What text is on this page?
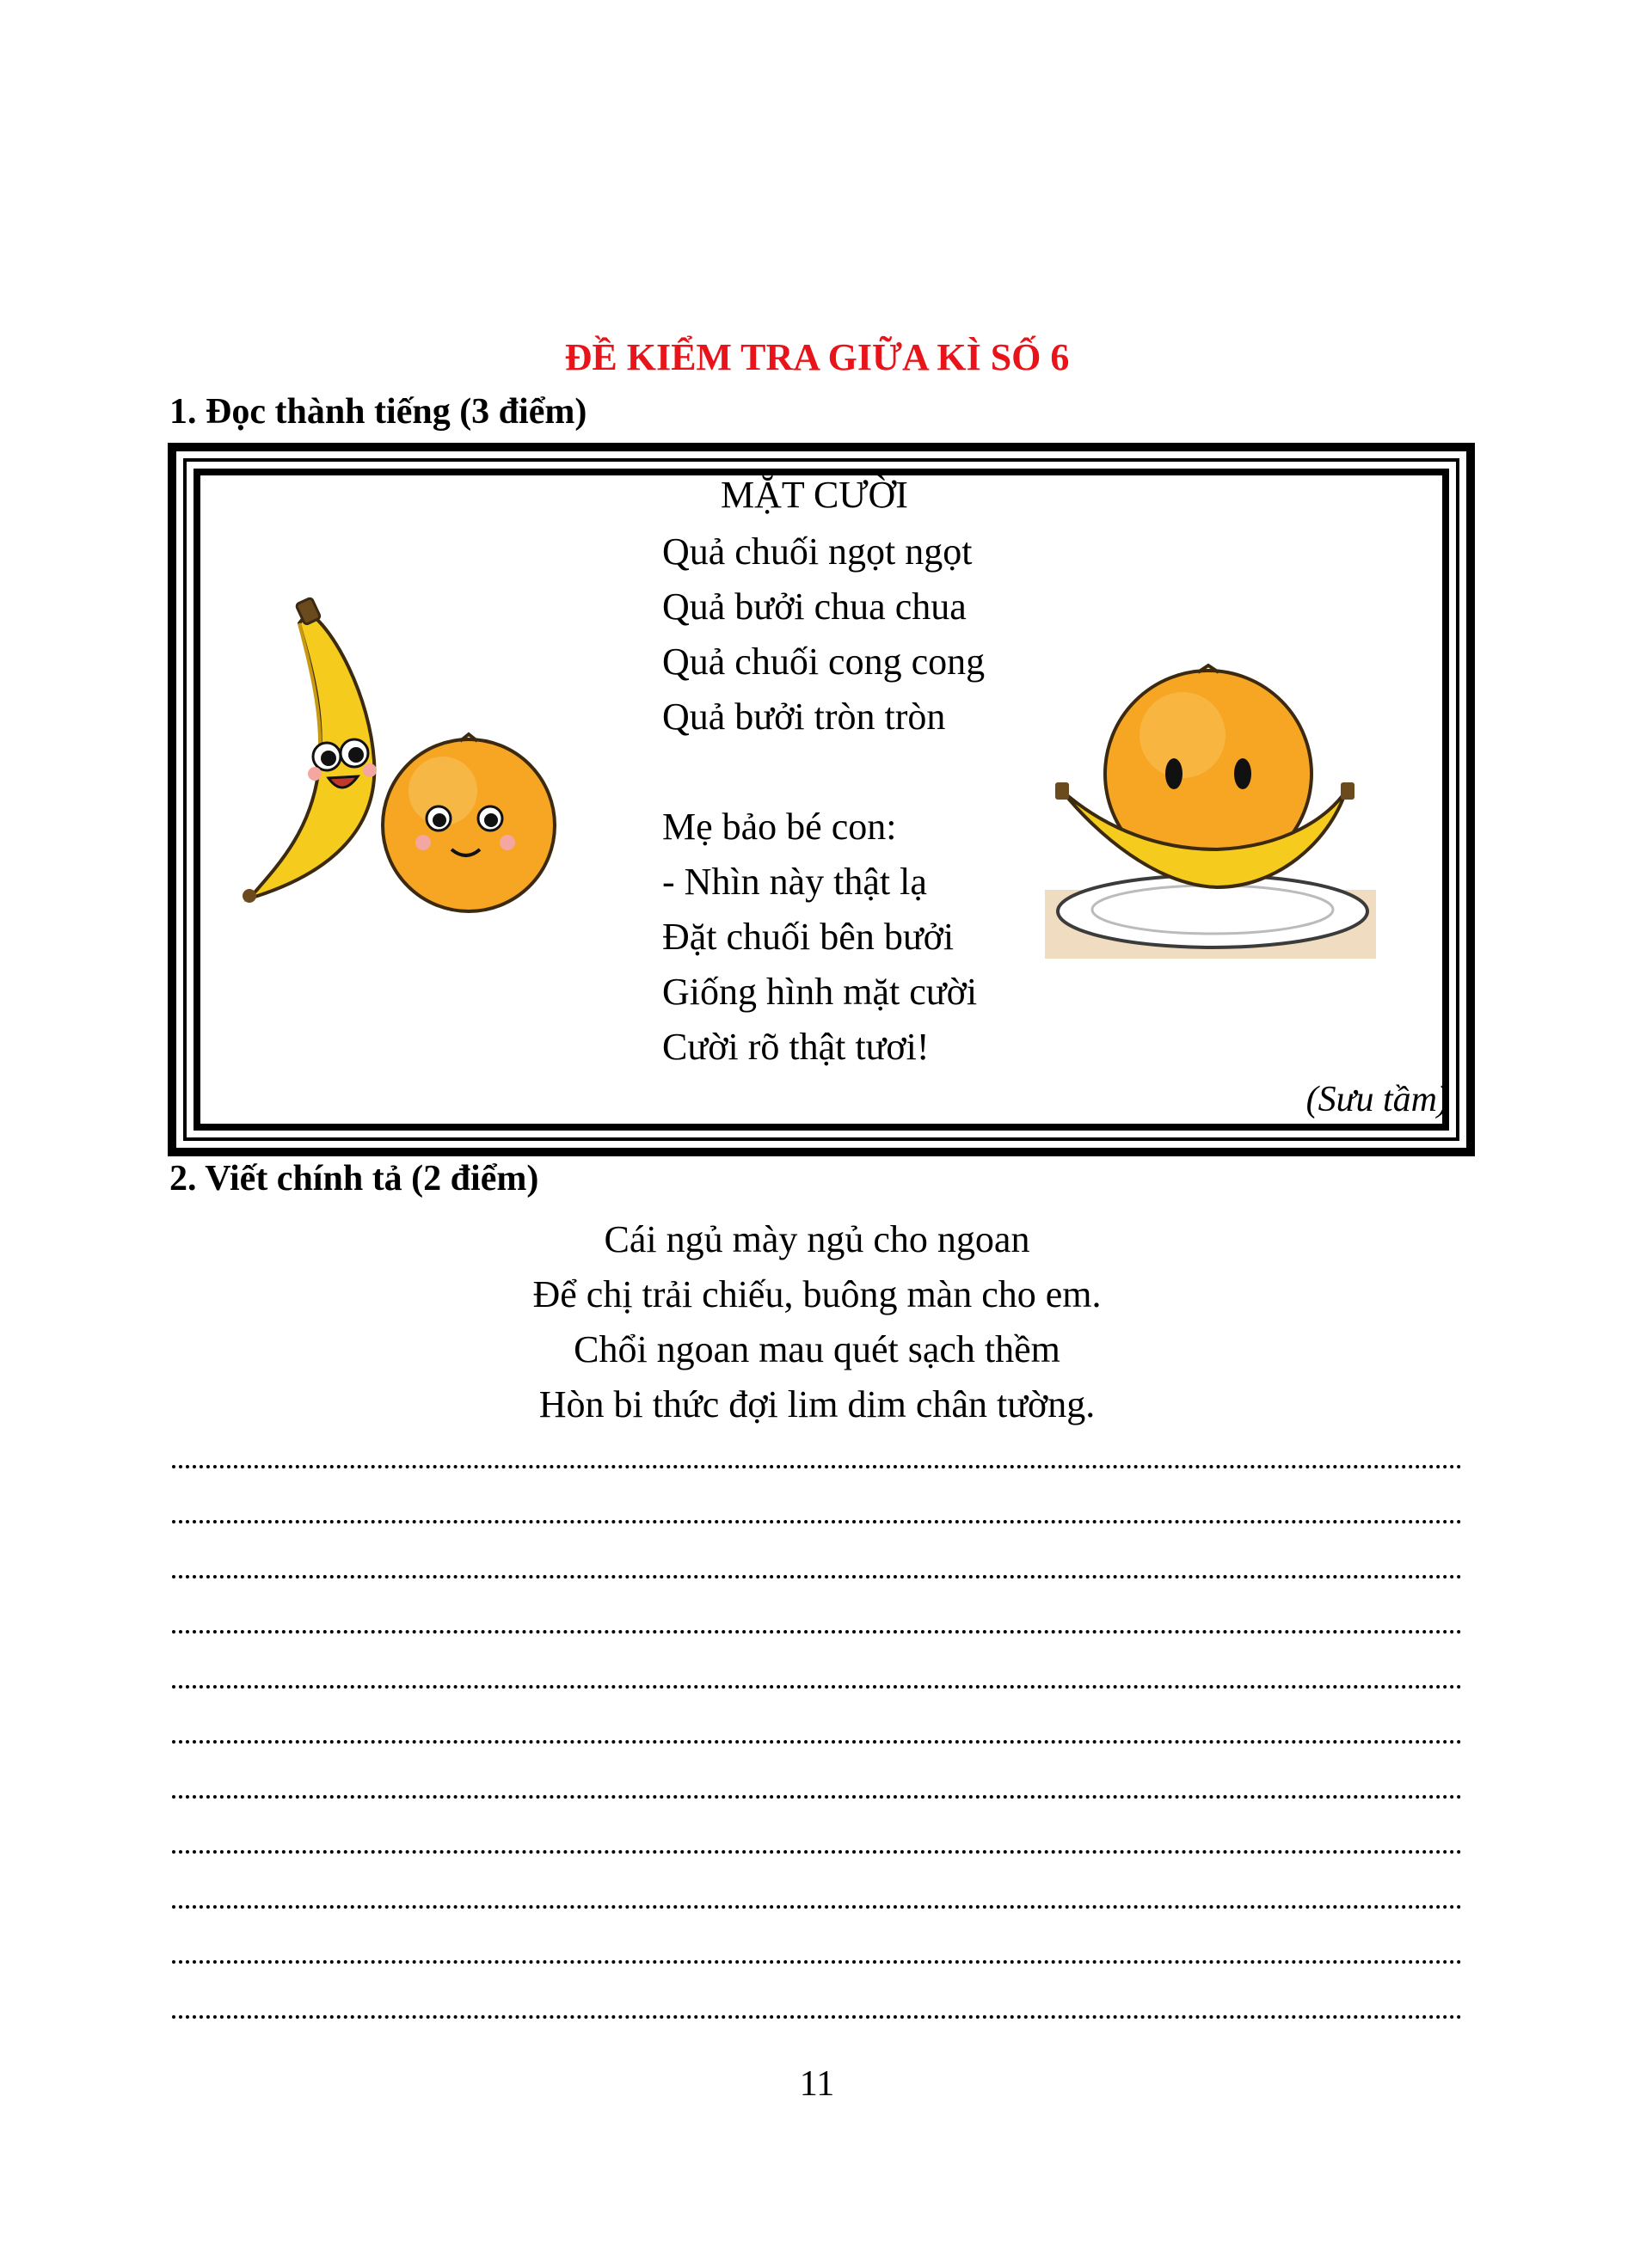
ĐỀ KIỂM TRA GIỮA KÌ SỐ 6
1. Đọc thành tiếng (3 điểm)
MẶT CƯỜI
Quả chuối ngọt ngọt
Quả bưởi chua chua
Quả chuối cong cong
Quả bưởi tròn tròn
Mẹ bảo bé con:
- Nhìn này thật lạ
Đặt chuối bên bưởi
Giống hình mặt cười
Cười rõ thật tươi!
(Sưu tầm)
2. Viết chính tả (2 điểm)
Cái ngủ mày ngủ cho ngoan
Để chị trải chiếu, buông màn cho em.
Chổi ngoan mau quét sạch thềm
Hòn bi thức đợi lim dim chân tường.
11
